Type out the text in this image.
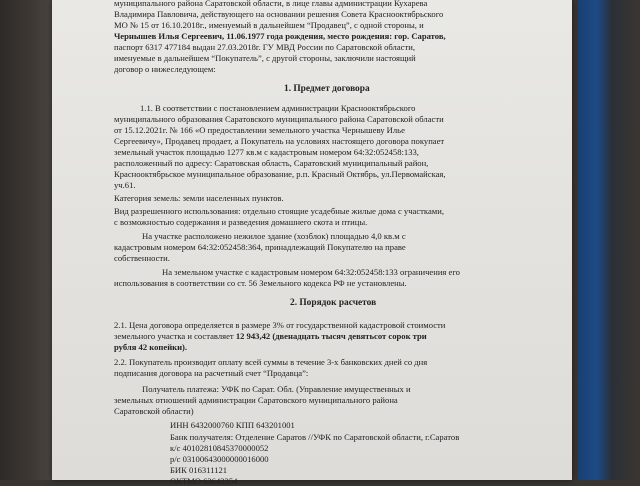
муниципального района Саратовской области, в лице главы администрации Кухарева
Владимира Павловича, действующего на основании решения Совета Краснооктябрьского
МО № 15 от 16.10.2018г., именуемый в дальнейшем “Продавец”, с одной стороны, и
Чернышев Илья Сергеевич, 11.06.1977 года рождения, место рождения: гор. Саратов,
паспорт 6317 477184 выдан 27.03.2018г. ГУ МВД России по Саратовской области,
именуемые в дальнейшем “Покупатель”, с другой стороны, заключили настоящий
договор о нижеследующем:
1. Предмет договора
1.1. В соответствии с постановлением администрации Краснооктябрьского
муниципального образования Саратовского муниципального района Саратовской области
от 15.12.2021г. № 166 «О предоставлении земельного участка Чернышеву Илье
Сергеевичу», Продавец продает, а Покупатель на условиях настоящего договора покупает
земельный участок площадью 1277 кв.м с кадастровым номером 64:32:052458:133,
расположенный по адресу: Саратовская область, Саратовский муниципальный район,
Краснооктябрьское муниципальное образование, р.п. Красный Октябрь, ул.Первомайская,
уч.61.
Категория земель: земли населенных пунктов.
Вид разрешенного использования: отдельно стоящие усадебные жилые дома с участками,
с возможностью содержания и разведения домашнего скота и птицы.
На участке расположено нежилое здание (хозблок) площадью 4,0 кв.м с
кадастровым номером 64:32:052458:364, принадлежащий Покупателю на праве
собственности.
На земельном участке с кадастровым номером 64:32:052458:133 ограничения его
использования в соответствии со ст. 56 Земельного кодекса РФ не установлены.
2. Порядок расчетов
2.1. Цена договора определяется в размере 3% от государственной кадастровой стоимости
земельного участка и составляет 12 943,42 (двенадцать тысяч девятьсот сорок три
рубля 42 копейки).
2.2. Покупатель производит оплату всей суммы в течение 3-х банковских дней со дня
подписания договора на расчетный счет “Продавца”:
Получатель платежа: УФК по Сарат. Обл. (Управление имущественных и
земельных отношений администрации Саратовского муниципального района
Саратовской области)
ИНН 6432000760 КПП 643201001
Банк получателя: Отделение Саратов //УФК по Саратовской области, г.Саратов
к/с 40102810845370000052
р/с 03100643000000016000
БИК 016311121
ОКТМО 63643354
